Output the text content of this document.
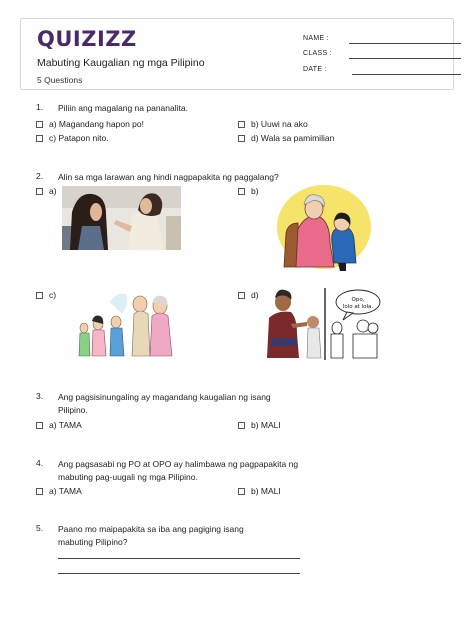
QUIZIZZ
Mabuting Kaugalian ng mga Pilipino
5 Questions
NAME :
CLASS :
DATE :
1. Piliin ang magalang na pananalita.
a) Magandang hapon po!	b) Uuwi na ako
c) Patapon nito.	d) Wala sa pamimilian
2. Alin sa mga larawan ang hindi nagpapakita ng paggalang?
a)	b)
c)	d)	Opo,
lolo at lola.
3. Ang pagsisinungaling ay magandang kaugalian ng isang Pilipino.
a) TAMA	b) MALI
4. Ang pagsasabi ng PO at OPO ay halimbawa ng pagpapakita ng mabuting pag-uugali ng mga Pilipino.
a) TAMA	b) MALI
5. Paano mo maipapakita sa iba ang pagiging isang mabuting Pilipino?
